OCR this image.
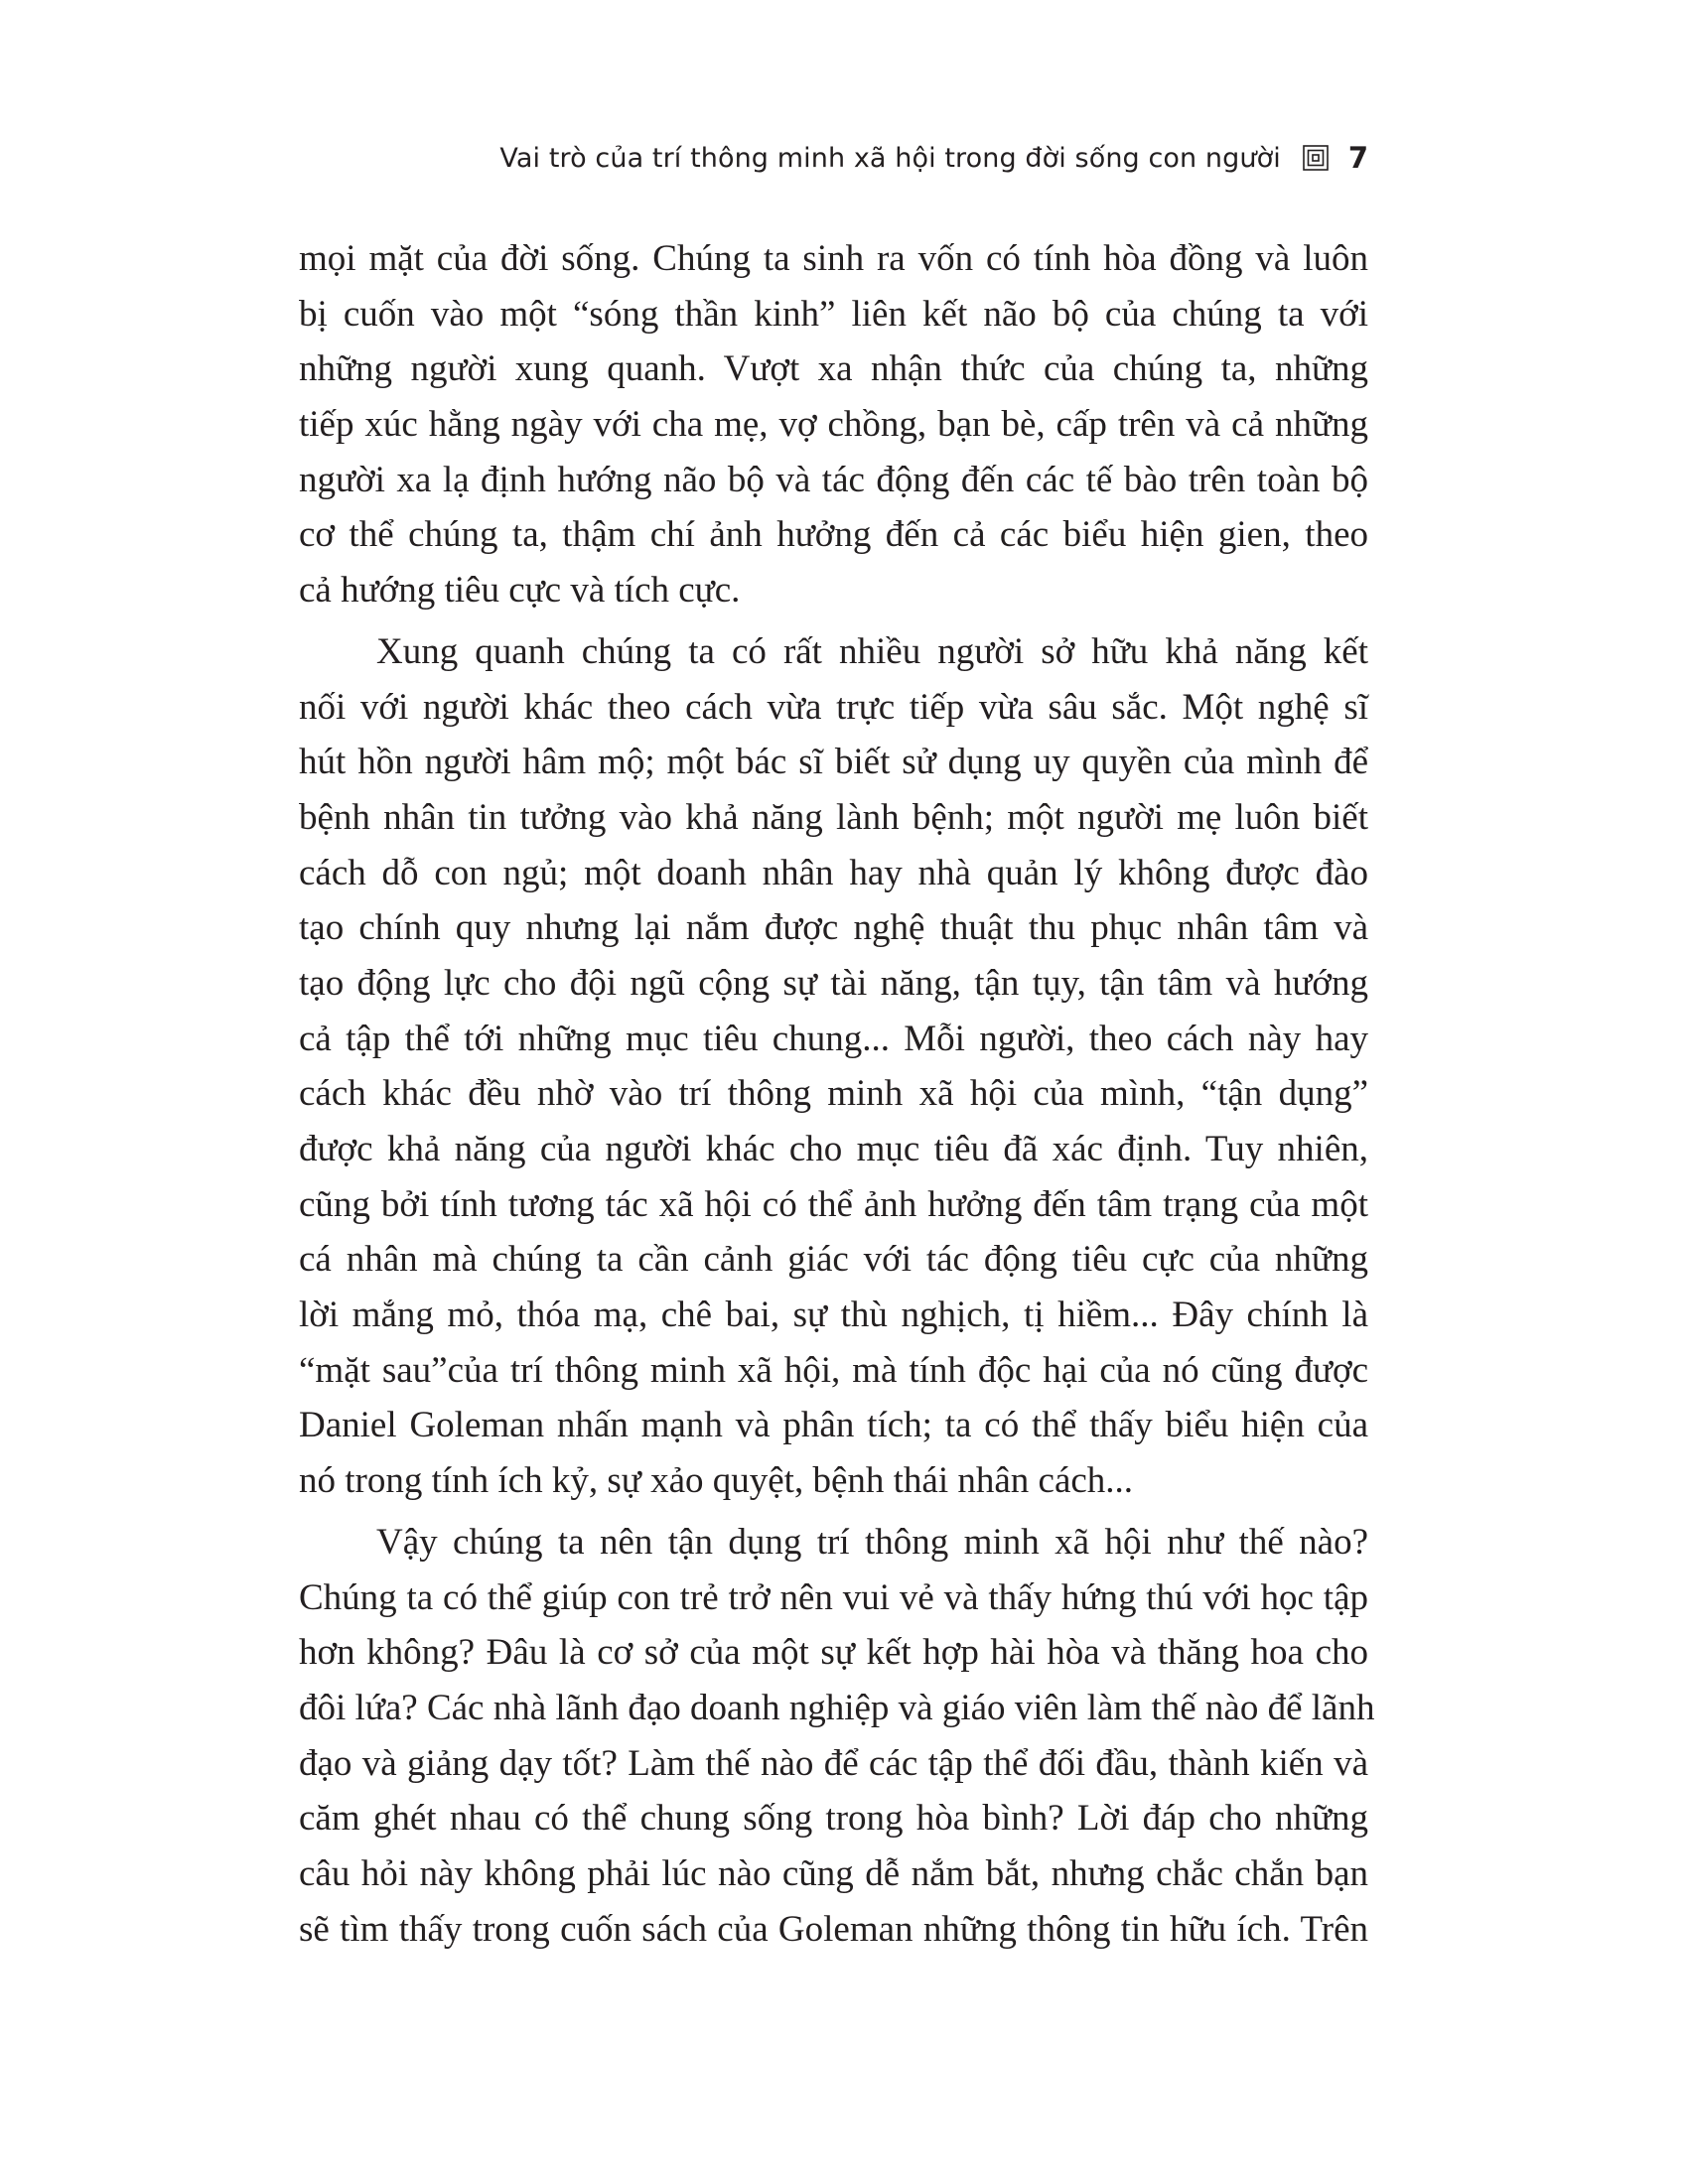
Vai trò của trí thông minh xã hội trong đời sống con người 7
mọi mặt của đời sống. Chúng ta sinh ra vốn có tính hòa đồng và luôn
bị cuốn vào một “sóng thần kinh” liên kết não bộ của chúng ta với
những người xung quanh. Vượt xa nhận thức của chúng ta, những
tiếp xúc hằng ngày với cha mẹ, vợ chồng, bạn bè, cấp trên và cả những
người xa lạ định hướng não bộ và tác động đến các tế bào trên toàn bộ
cơ thể chúng ta, thậm chí ảnh hưởng đến cả các biểu hiện gien, theo
cả hướng tiêu cực và tích cực.
Xung quanh chúng ta có rất nhiều người sở hữu khả năng kết
nối với người khác theo cách vừa trực tiếp vừa sâu sắc. Một nghệ sĩ
hút hồn người hâm mộ; một bác sĩ biết sử dụng uy quyền của mình để
bệnh nhân tin tưởng vào khả năng lành bệnh; một người mẹ luôn biết
cách dỗ con ngủ; một doanh nhân hay nhà quản lý không được đào
tạo chính quy nhưng lại nắm được nghệ thuật thu phục nhân tâm và
tạo động lực cho đội ngũ cộng sự tài năng, tận tụy, tận tâm và hướng
cả tập thể tới những mục tiêu chung... Mỗi người, theo cách này hay
cách khác đều nhờ vào trí thông minh xã hội của mình, “tận dụng”
được khả năng của người khác cho mục tiêu đã xác định. Tuy nhiên,
cũng bởi tính tương tác xã hội có thể ảnh hưởng đến tâm trạng của một
cá nhân mà chúng ta cần cảnh giác với tác động tiêu cực của những
lời mắng mỏ, thóa mạ, chê bai, sự thù nghịch, tị hiềm... Đây chính là
“mặt sau”của trí thông minh xã hội, mà tính độc hại của nó cũng được
Daniel Goleman nhấn mạnh và phân tích; ta có thể thấy biểu hiện của
nó trong tính ích kỷ, sự xảo quyệt, bệnh thái nhân cách...
Vậy chúng ta nên tận dụng trí thông minh xã hội như thế nào?
Chúng ta có thể giúp con trẻ trở nên vui vẻ và thấy hứng thú với học tập
hơn không? Đâu là cơ sở của một sự kết hợp hài hòa và thăng hoa cho
đôi lứa? Các nhà lãnh đạo doanh nghiệp và giáo viên làm thế nào để lãnh
đạo và giảng dạy tốt? Làm thế nào để các tập thể đối đầu, thành kiến và
căm ghét nhau có thể chung sống trong hòa bình? Lời đáp cho những
câu hỏi này không phải lúc nào cũng dễ nắm bắt, nhưng chắc chắn bạn
sẽ tìm thấy trong cuốn sách của Goleman những thông tin hữu ích. Trên
